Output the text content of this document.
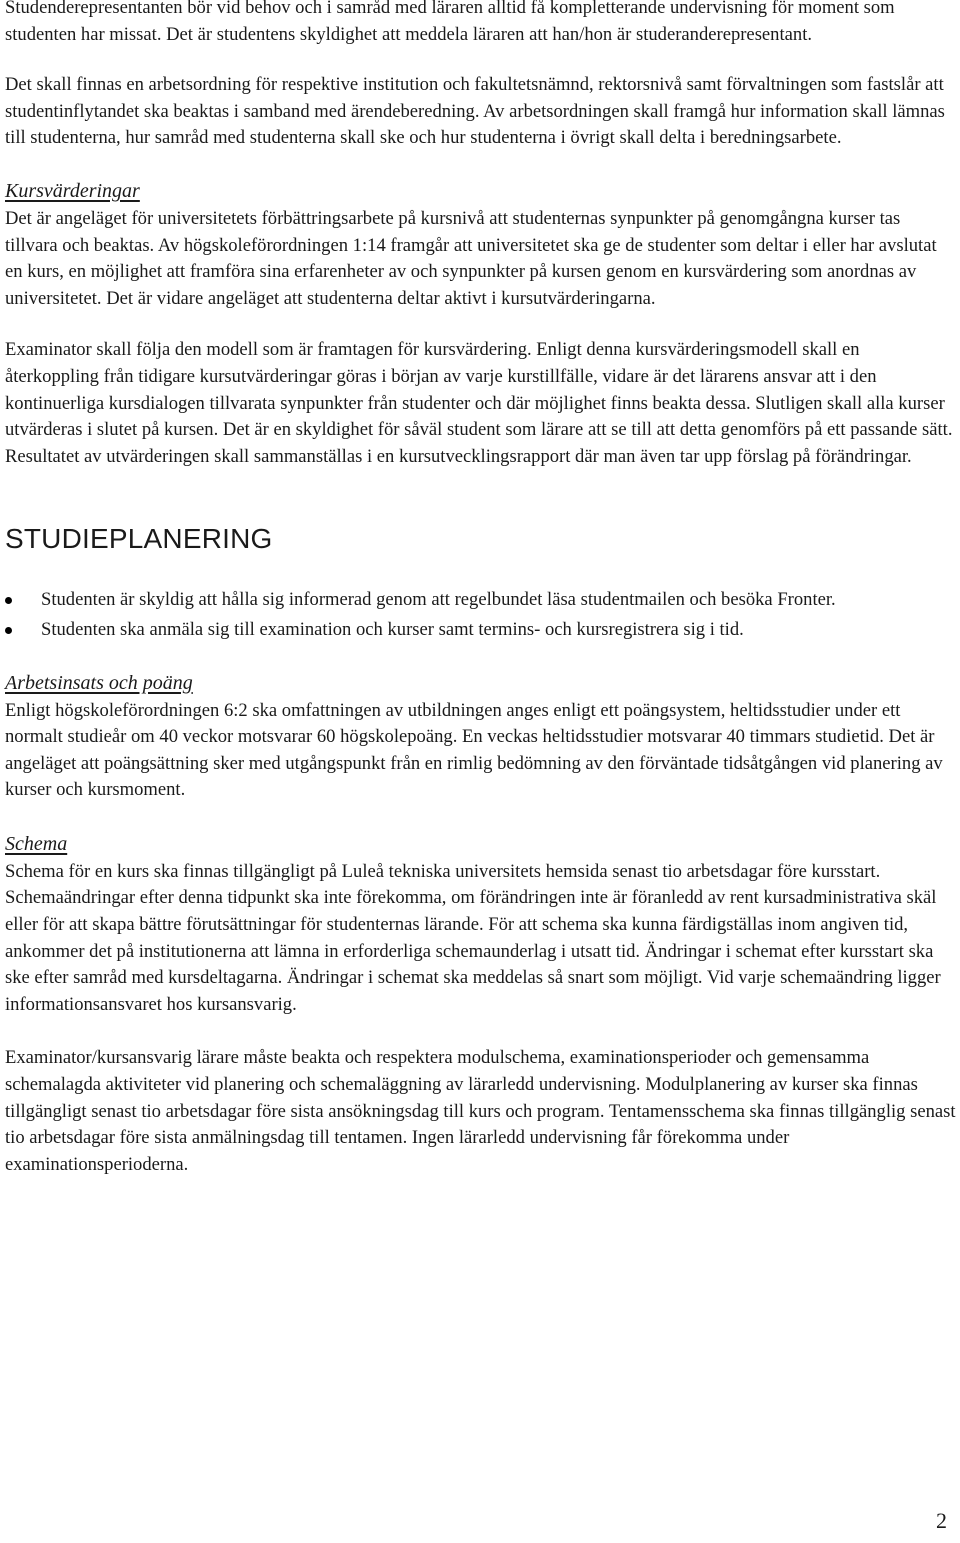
Studenderepresentanten bör vid behov och i samråd med läraren alltid få kompletterande undervisning för moment som studenten har missat. Det är studentens skyldighet att meddela läraren att han/hon är studeranderepresentant.

Det skall finnas en arbetsordning för respektive institution och fakultetsnämnd, rektorsnivå samt förvaltningen som fastslår att studentinflytandet ska beaktas i samband med ärendeberedning. Av arbetsordningen skall framgå hur information skall lämnas till studenterna, hur samråd med studenterna skall ske och hur studenterna i övrigt skall delta i beredningsarbete.

Kursvärderingar

Det är angeläget för universitetets förbättringsarbete på kursnivå att studenternas synpunkter på genomgångna kurser tas tillvara och beaktas. Av högskoleförordningen 1:14 framgår att universitetet ska ge de studenter som deltar i eller har avslutat en kurs, en möjlighet att framföra sina erfarenheter av och synpunkter på kursen genom en kursvärdering som anordnas av universitetet. Det är vidare angeläget att studenterna deltar aktivt i kursutvärderingarna.

Examinator skall följa den modell som är framtagen för kursvärdering. Enligt denna kursvärderingsmodell skall en återkoppling från tidigare kursutvärderingar göras i början av varje kurstillfälle, vidare är det lärarens ansvar att i den kontinuerliga kursdialogen tillvarata synpunkter från studenter och där möjlighet finns beakta dessa. Slutligen skall alla kurser utvärderas i slutet på kursen. Det är en skyldighet för såväl student som lärare att se till att detta genomförs på ett passande sätt. Resultatet av utvärderingen skall sammanställas i en kursutvecklingsrapport där man även tar upp förslag på förändringar.

STUDIEPLANERING
Studenten är skyldig att hålla sig informerad genom att regelbundet läsa studentmailen och besöka Fronter.
Studenten ska anmäla sig till examination och kurser samt termins- och kursregistrera sig i tid.
Arbetsinsats och poäng

Enligt högskoleförordningen 6:2 ska omfattningen av utbildningen anges enligt ett poängsystem, heltidsstudier under ett normalt studieår om 40 veckor motsvarar 60 högskolepoäng. En veckas heltidsstudier motsvarar 40 timmars studietid. Det är angeläget att poängsättning sker med utgångspunkt från en rimlig bedömning av den förväntade tidsåtgången vid planering av kurser och kursmoment.

Schema

Schema för en kurs ska finnas tillgängligt på Luleå tekniska universitets hemsida senast tio arbetsdagar före kursstart. Schemaändringar efter denna tidpunkt ska inte förekomma, om förändringen inte är föranledd av rent kursadministrativa skäl eller för att skapa bättre förutsättningar för studenternas lärande. För att schema ska kunna färdigställas inom angiven tid, ankommer det på institutionerna att lämna in erforderliga schemaunderlag i utsatt tid. Ändringar i schemat efter kursstart ska ske efter samråd med kursdeltagarna. Ändringar i schemat ska meddelas så snart som möjligt. Vid varje schemaändring ligger informationsansvaret hos kursansvarig.

Examinator/kursansvarig lärare måste beakta och respektera modulschema, examinationsperioder och gemensamma schemalagda aktiviteter vid planering och schemaläggning av lärarledd undervisning. Modulplanering av kurser ska finnas tillgängligt senast tio arbetsdagar före sista ansökningsdag till kurs och program. Tentamensschema ska finnas tillgänglig senast tio arbetsdagar före sista anmälningsdag till tentamen. Ingen lärarledd undervisning får förekomma under examinationsperioderna.

2
